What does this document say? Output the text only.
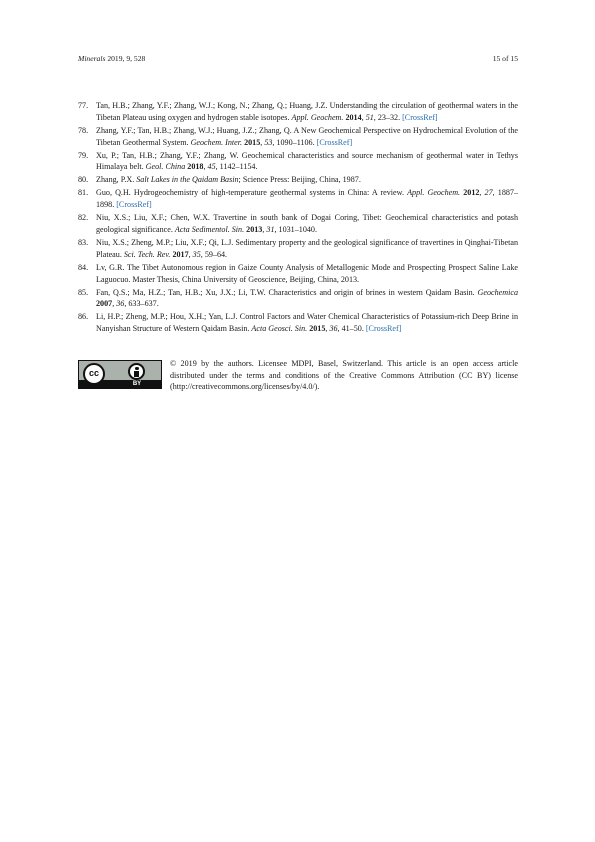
Minerals 2019, 9, 528	15 of 15
77. Tan, H.B.; Zhang, Y.F.; Zhang, W.J.; Kong, N.; Zhang, Q.; Huang, J.Z. Understanding the circulation of geothermal waters in the Tibetan Plateau using oxygen and hydrogen stable isotopes. Appl. Geochem. 2014, 51, 23–32. [CrossRef]
78. Zhang, Y.F.; Tan, H.B.; Zhang, W.J.; Huang, J.Z.; Zhang, Q. A New Geochemical Perspective on Hydrochemical Evolution of the Tibetan Geothermal System. Geochem. Inter. 2015, 53, 1090–1106. [CrossRef]
79. Xu, P.; Tan, H.B.; Zhang, Y.F.; Zhang, W. Geochemical characteristics and source mechanism of geothermal water in Tethys Himalaya belt. Geol. China 2018, 45, 1142–1154.
80. Zhang, P.X. Salt Lakes in the Qaidam Basin; Science Press: Beijing, China, 1987.
81. Guo, Q.H. Hydrogeochemistry of high-temperature geothermal systems in China: A review. Appl. Geochem. 2012, 27, 1887–1898. [CrossRef]
82. Niu, X.S.; Liu, X.F.; Chen, W.X. Travertine in south bank of Dogai Coring, Tibet: Geochemical characteristics and potash geological significance. Acta Sedimentol. Sin. 2013, 31, 1031–1040.
83. Niu, X.S.; Zheng, M.P.; Liu, X.F.; Qi, L.J. Sedimentary property and the geological significance of travertines in Qinghai-Tibetan Plateau. Sci. Tech. Rev. 2017, 35, 59–64.
84. Lv, G.R. The Tibet Autonomous region in Gaize County Analysis of Metallogenic Mode and Prospecting Prospect Saline Lake Laguocuo. Master Thesis, China University of Geoscience, Beijing, China, 2013.
85. Fan, Q.S.; Ma, H.Z.; Tan, H.B.; Xu, J.X.; Li, T.W. Characteristics and origin of brines in western Qaidam Basin. Geochemica 2007, 36, 633–637.
86. Li, H.P.; Zheng, M.P.; Hou, X.H.; Yan, L.J. Control Factors and Water Chemical Characteristics of Potassium-rich Deep Brine in Nanyishan Structure of Western Qaidam Basin. Acta Geosci. Sin. 2015, 36, 41–50. [CrossRef]
cc
BY
© 2019 by the authors. Licensee MDPI, Basel, Switzerland. This article is an open access article distributed under the terms and conditions of the Creative Commons Attribution (CC BY) license (http://creativecommons.org/licenses/by/4.0/).
